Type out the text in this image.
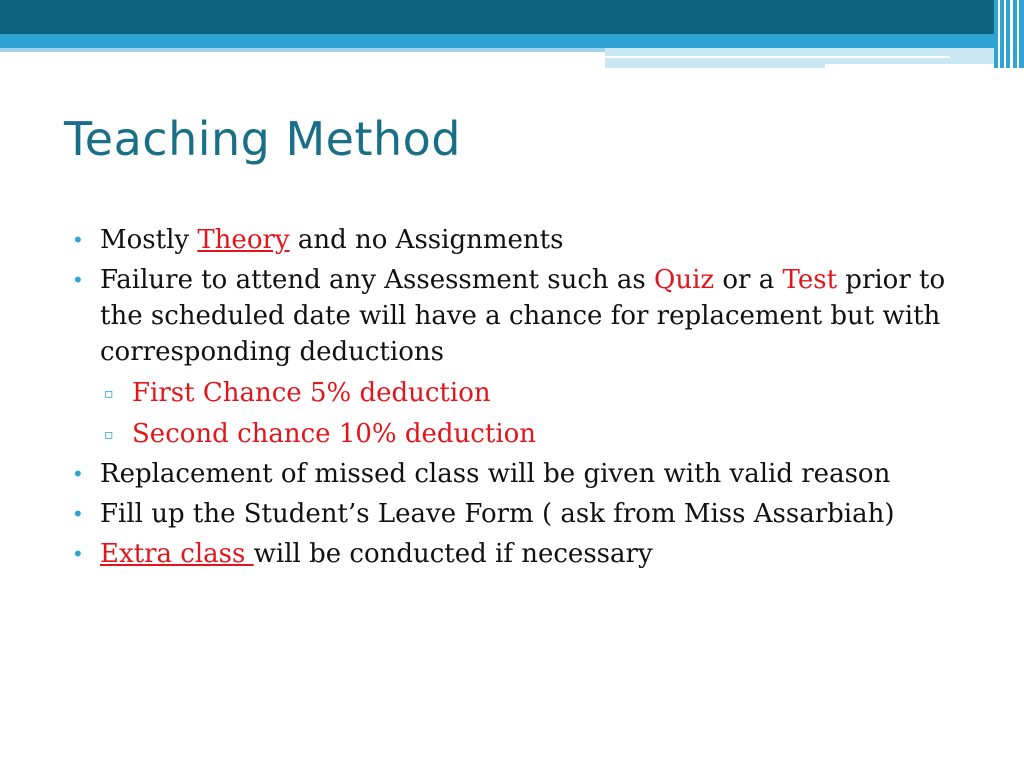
Teaching Method
• Mostly Theory and no Assignments
• Failure to attend any Assessment such as Quiz or a Test prior to the scheduled date will have a chance for replacement but with corresponding deductions
▫ First Chance 5% deduction
▫ Second chance 10% deduction
• Replacement of missed class will be given with valid reason
• Fill up the Student’s Leave Form ( ask from Miss Assarbiah)
• Extra class will be conducted if necessary
